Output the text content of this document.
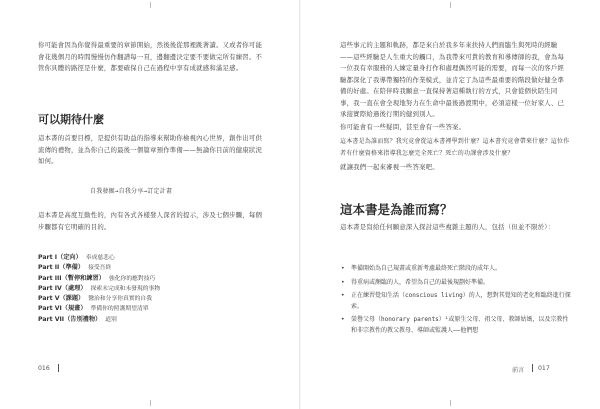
你可能會因為你覺得最重要的章節開始，然後後從那裡跳著讀。又或者你可能會花幾個月的時間慢慢仿作翻譜每一頁，邊翻邊決定要不要做完所有練習。不管你具體的路徑是什麼，都要確保自己在過程中享有成就感和滿足感。
可以期待什麼
這本書的首要目標，是提供有助益的指導來幫助你檢視內心世界，創作出可供流傳的禮物，並為你自己的最後一個篇章預作準備——無論你目前的健康狀況如何。
自我發掘→自我分享→訂定計畫
這本書是高度互動性的，內有各式各樣發人深省的提示，涉及七個步驟，每個步驟都有它明確的目的。
Part I（定向） 奉成慈悲心
Part II（準備） 接受吾終
Part III（暫停和練習） 強化你的應對技巧
Part IV（處理） 探索未完成和未發現的事物
Part V（課題） 醫治和分享你真實的自我
Part VI（規畫） 準備你的照護期望清單
Part VII（告別禮物） 道別
016
這些事元的主題和軌跡，都是來自於我多年來扶持人們面臨生與死時的經驗——這些經驗是人生重大的觸口，為我帶來可貴的教育和導傳師的我，會為每一位我有幸服務的人練定量身打作和處理偶然可能的需要，而每一次的客戶經驗都深化了我導帶獨特的作業模式，並肯定了為這些最重要的階段做好健全準備的好處。在陪伴時我願意一直保持著這種執行的方式，只會從個伙陪生同事，我一直在會全現地努力在生命中最後過渡期中，必須這樣一位好家人、已承接實際給過後行期的健到別人。
你可能會有一些疑問，甚至會有一些答案。
這本書是為誰而寫？我究竟會從這本書裡學到什麼？這本書究竟會帶來什麼？這位作者有什麼資格來指導我怎麼完全死亡？死亡的功課會涉及什麼？
就讓我們一起來審視一些答案吧。
這本書是為誰而寫？
這本書是寫給任何願意深入探討這些複雜主題的人，包括（但並不限於）：
• 準備開始為自己規畫或重新考慮最終死亡階段的成年人。
• 得重病或瀕臨的人，希望為自己的最後規劃好準備。
• 正在練習覺知生活（conscious living）的人，想對其覺知的老化和臨終進行探索。
• 榮譽父母（honorary parents）¹或原生父母、祖父母、教師姑媽，以及宗教性和非宗教性的教父教母、導師或監護人——他們想
前言 017
